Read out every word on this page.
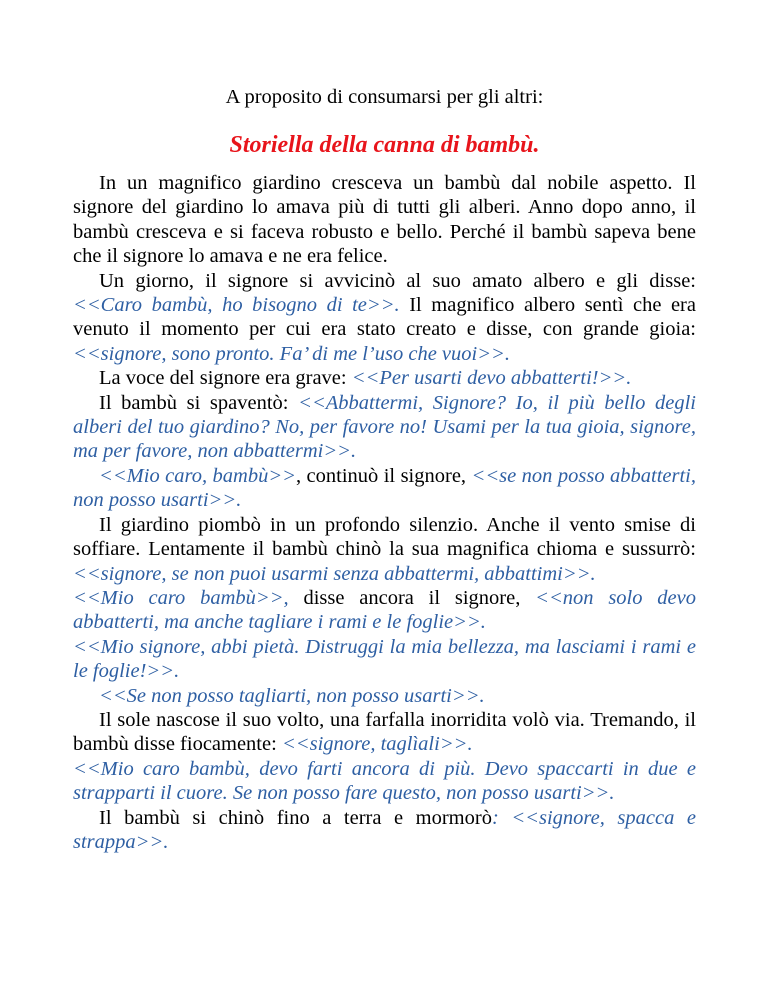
A proposito di consumarsi per gli altri:

Storiella della canna di bambù.

In un magnifico giardino cresceva un bambù dal nobile aspetto. Il signore del giardino lo amava più di tutti gli alberi. Anno dopo anno, il bambù cresceva e si faceva robusto e bello. Perché il bambù sapeva bene che il signore lo amava e ne era felice.

Un giorno, il signore si avvicinò al suo amato albero e gli disse: <<Caro bambù, ho bisogno di te>>. Il magnifico albero sentì che era venuto il momento per cui era stato creato e disse, con grande gioia: <<signore, sono pronto. Fa’ di me l’uso che vuoi>>.

La voce del signore era grave: <<Per usarti devo abbatterti!>>.

Il bambù si spaventò: <<Abbattermi, Signore? Io, il più bello degli alberi del tuo giardino? No, per favore no! Usami per la tua gioia, signore, ma per favore, non abbattermi>>.

<<Mio caro, bambù>>, continuò il signore, <<se non posso abbatterti, non posso usarti>>.

Il giardino piombò in un profondo silenzio. Anche il vento smise di soffiare. Lentamente il bambù chinò la sua magnifica chioma e sussurrò: <<signore, se non puoi usarmi senza abbattermi, abbattimi>>.

<<Mio caro bambù>>, disse ancora il signore, <<non solo devo abbatterti, ma anche tagliare i rami e le foglie>>.

<<Mio signore, abbi pietà. Distruggi la mia bellezza, ma lasciami i rami e le foglie!>>.

<<Se non posso tagliarti, non posso usarti>>.

Il sole nascose il suo volto, una farfalla inorridita volò via. Tremando, il bambù disse fiocamente: <<signore, taglìali>>.

<<Mio caro bambù, devo farti ancora di più. Devo spaccarti in due e strapparti il cuore. Se non posso fare questo, non posso usarti>>.

Il bambù si chinò fino a terra e mormorò: <<signore, spacca e strappa>>.
